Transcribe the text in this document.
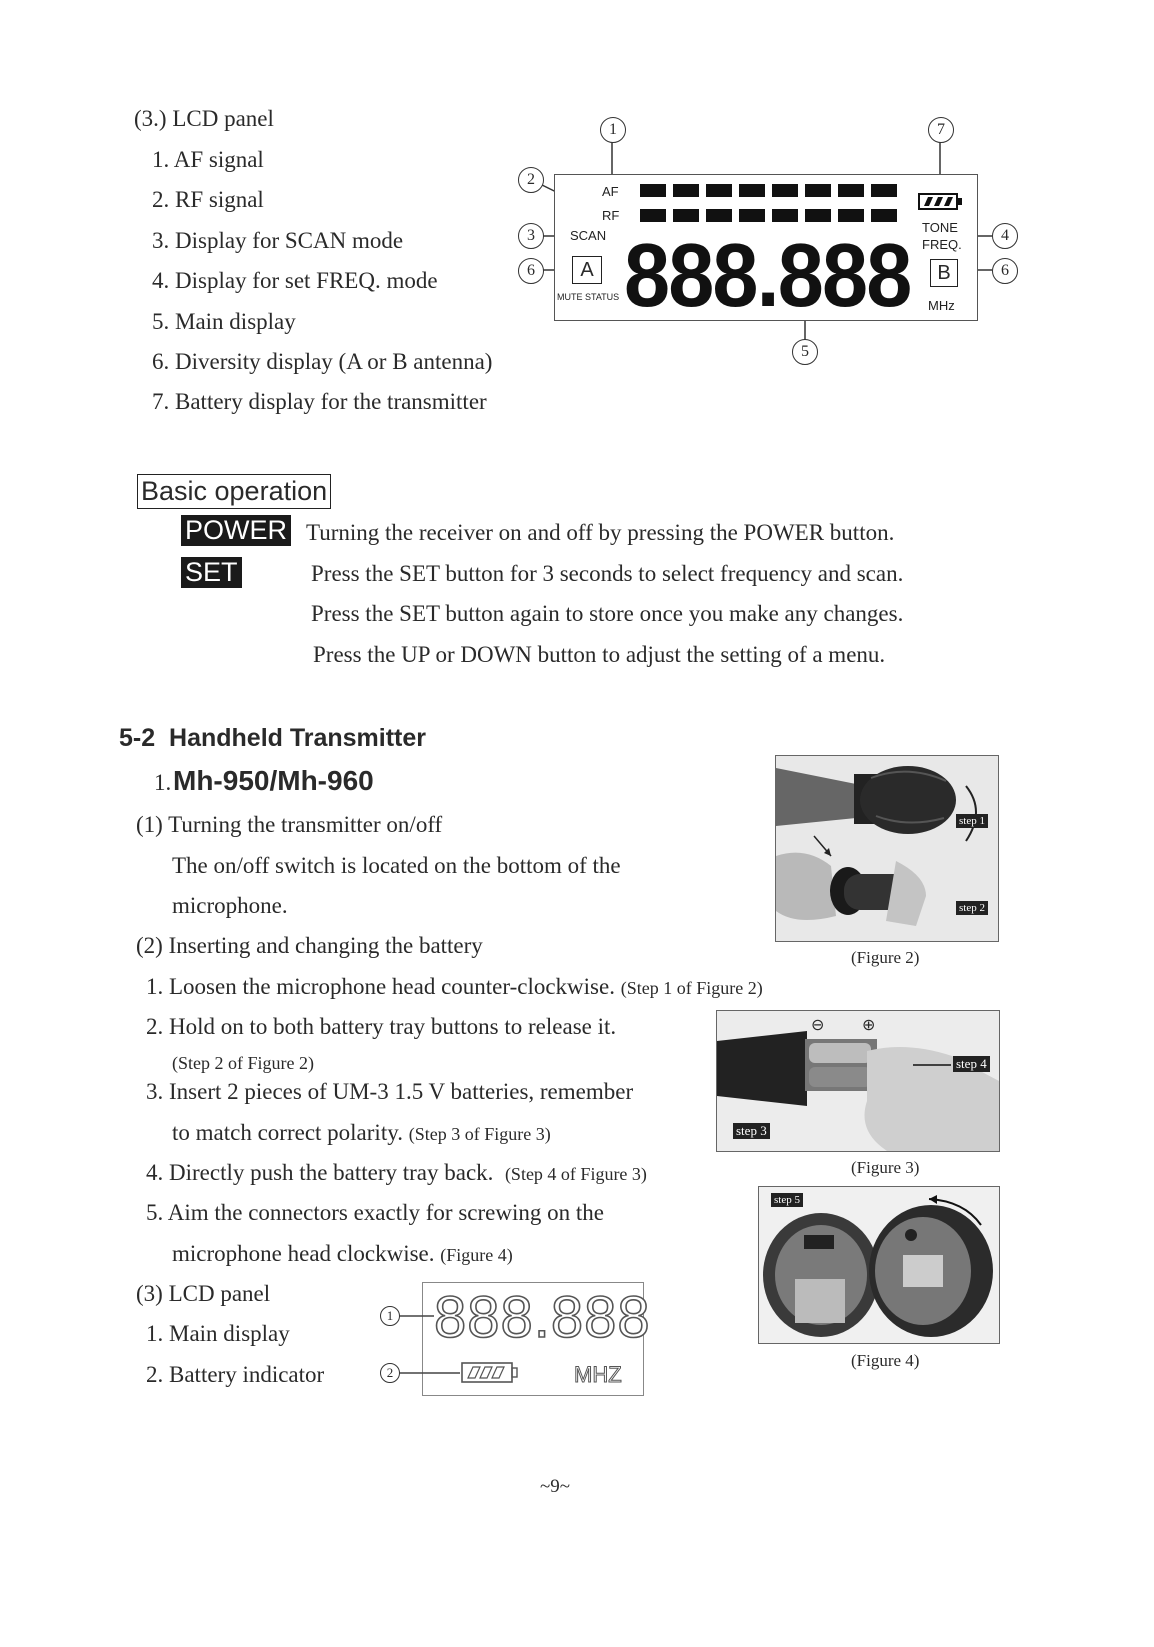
(3.) LCD panel
1. AF signal
2. RF signal
3. Display for SCAN mode
4. Display for set FREQ. mode
5. Main display
6. Diversity display (A or B antenna)
7. Battery display for the transmitter
AF
RF
SCAN
TONE
FREQ.
A	B
MUTE STATUS
MHz
888.888
1
2
3	4
5
6	6
7
Basic operation
POWER Turning the receiver on and off by pressing the POWER button.
SET	Press the SET button for 3 seconds to select frequency and scan.
Press the SET button again to store once you make any changes.
Press the UP or DOWN button to adjust the setting of a menu.
5-2  Handheld Transmitter
1. Mh-950/Mh-960
(1) Turning the transmitter on/off
The on/off switch is located on the bottom of the
microphone.
(2) Inserting and changing the battery
1. Loosen the microphone head counter-clockwise. (Step 1 of Figure 2)
2. Hold on to both battery tray buttons to release it.
(Step 2 of Figure 2)
3. Insert 2 pieces of UM-3 1.5 V batteries, remember
to match correct polarity. (Step 3 of Figure 3)
4. Directly push the battery tray back. (Step 4 of Figure 3)
5. Aim the connectors exactly for screwing on the
microphone head clockwise. (Figure 4)
(3) LCD panel
1. Main display
2. Battery indicator
1
2
888.888
MHZ
step 1
step 2
(Figure 2)
⊖ ⊕
step 4
step 3
(Figure 3)
step 5
(Figure 4)
~9~
